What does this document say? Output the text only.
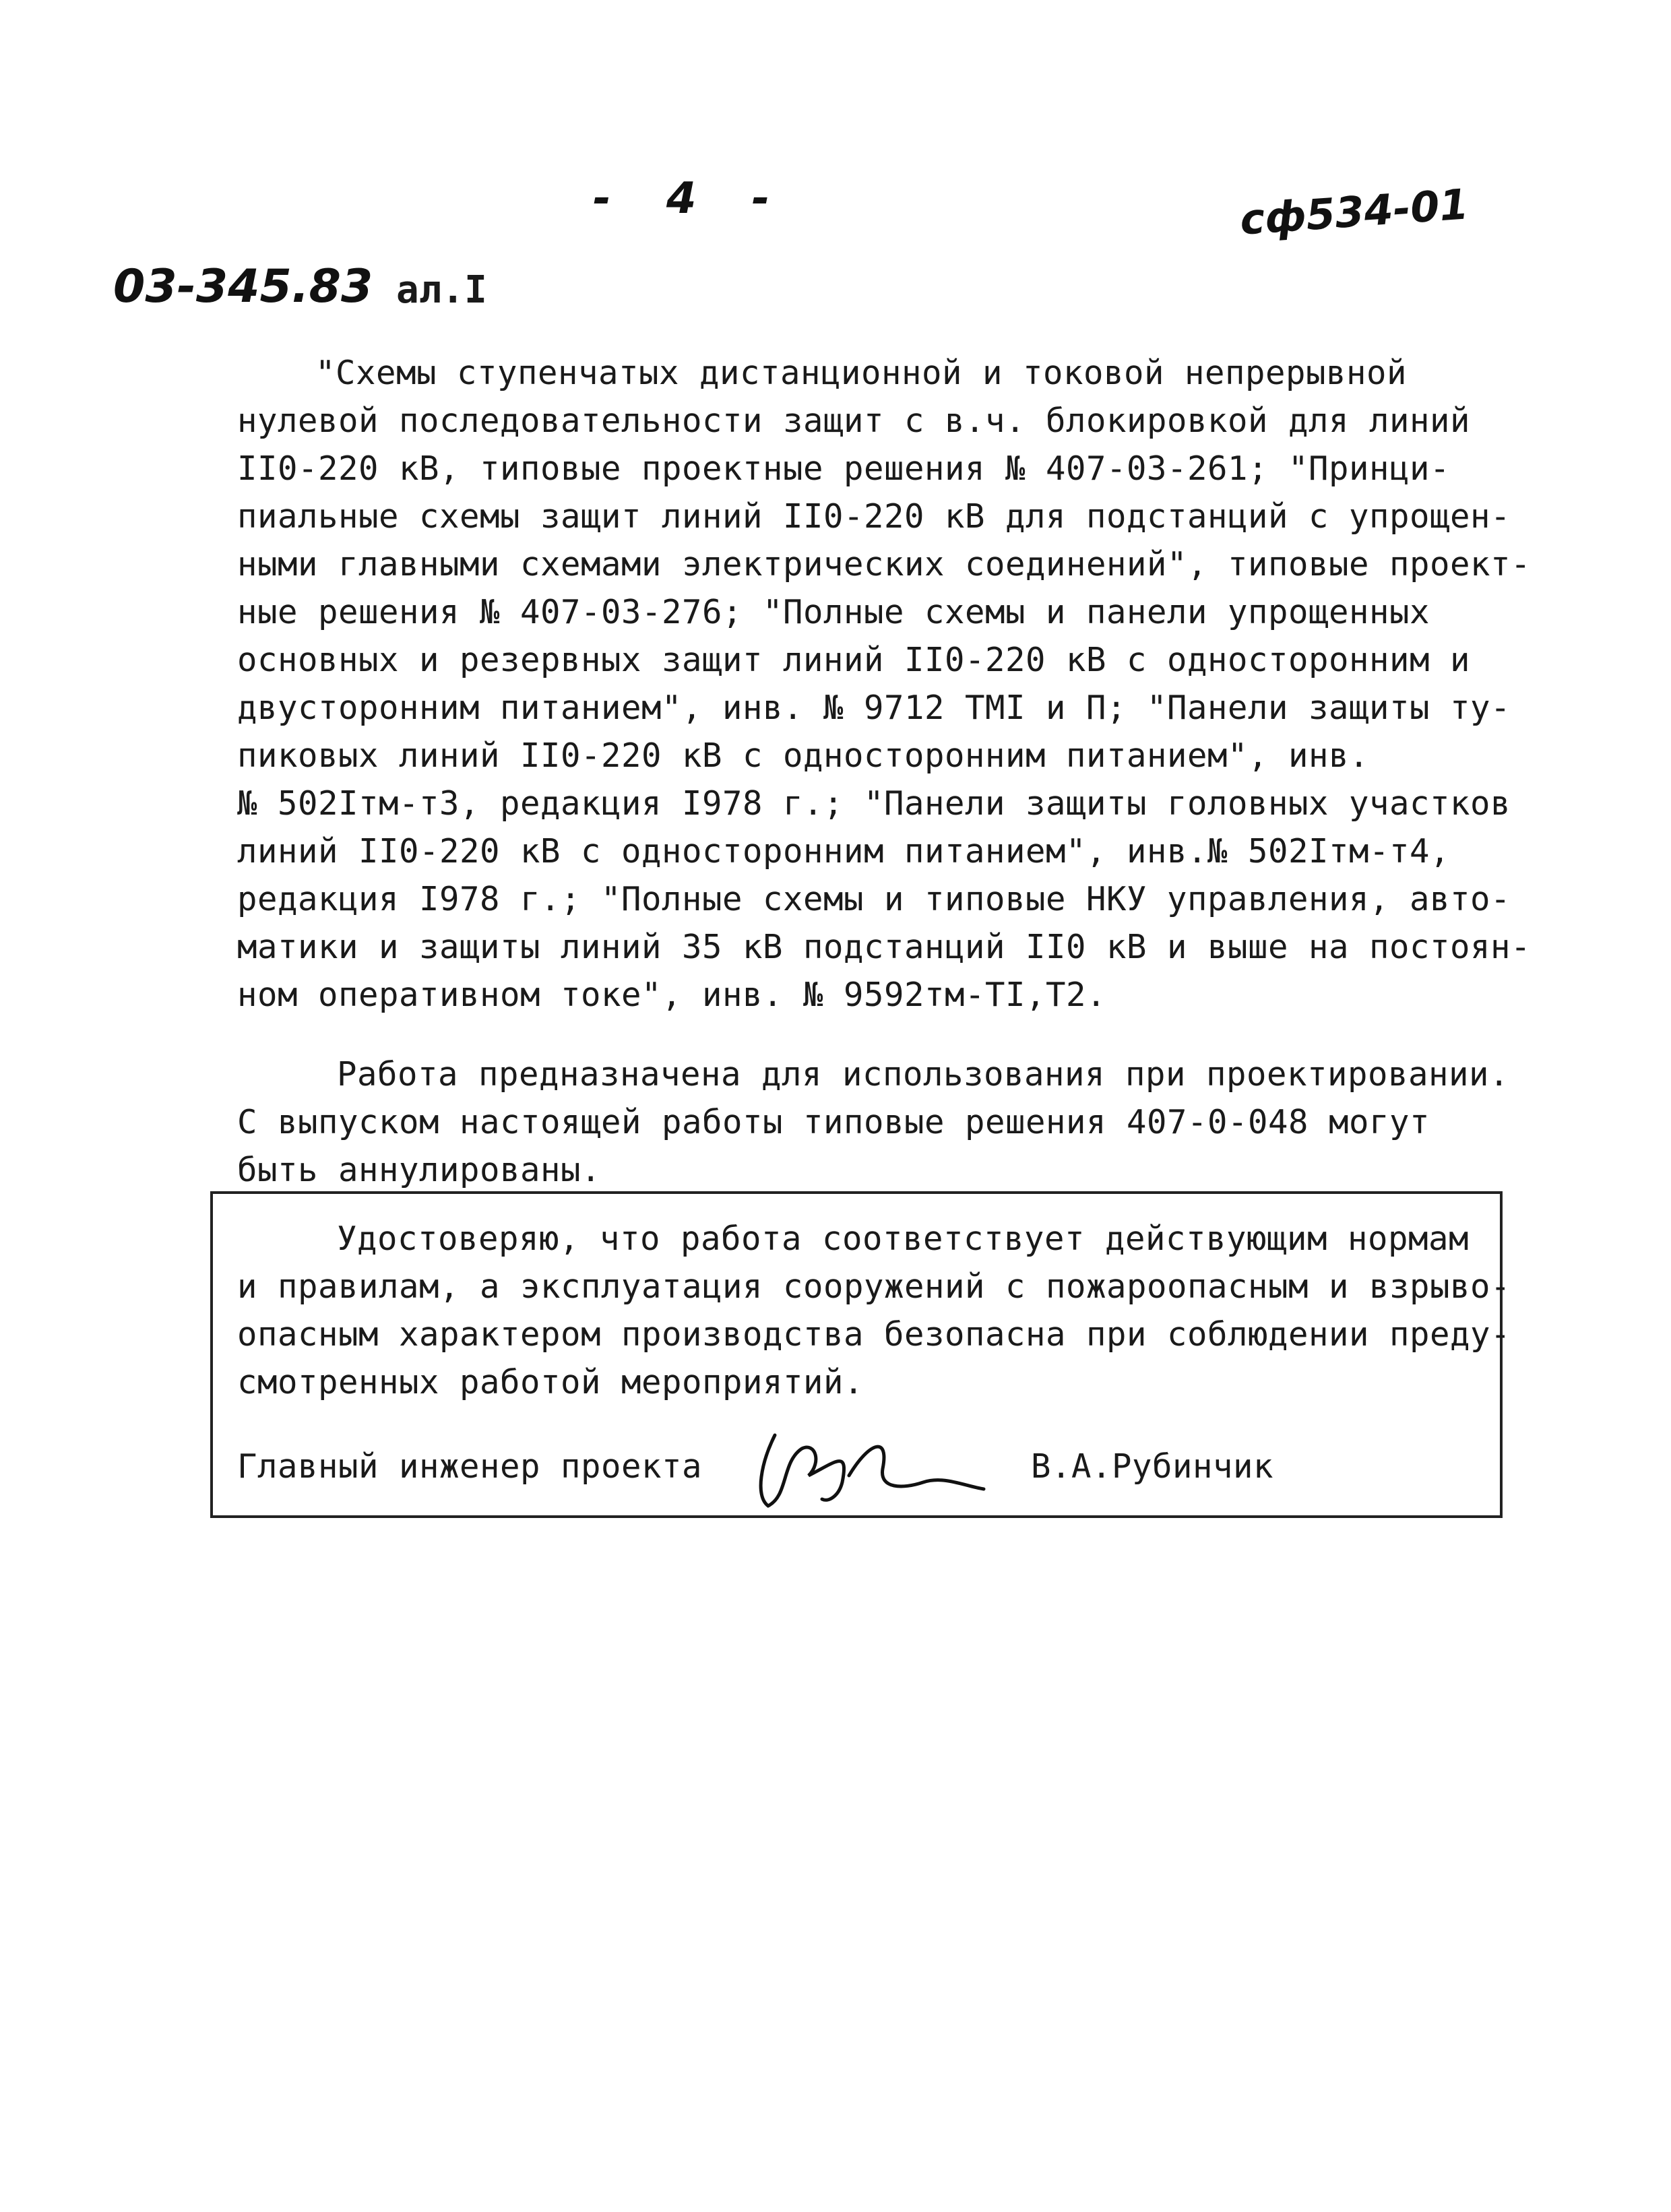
- 4 -	сф534-01
03-345.83 ал.I
"Схемы ступенчатых дистанционной и токовой непрерывной
нулевой последовательности защит с в.ч. блокировкой для линий
II0-220 кВ, типовые проектные решения № 407-03-261; "Принци-
пиальные схемы защит линий II0-220 кВ для подстанций с упрощен-
ными главными схемами электрических соединений", типовые проект-
ные решения № 407-03-276; "Полные схемы и панели упрощенных
основных и резервных защит линий II0-220 кВ с односторонним и
двусторонним питанием", инв. № 9712 ТМI и П; "Панели защиты ту-
пиковых линий II0-220 кВ с односторонним питанием", инв.
№ 502Iтм-т3, редакция I978 г.; "Панели защиты головных участков
линий II0-220 кВ с односторонним питанием", инв.№ 502Iтм-т4,
редакция I978 г.; "Полные схемы и типовые НКУ управления, авто-
матики и защиты линий 35 кВ подстанций II0 кВ и выше на постоян-
ном оперативном токе", инв. № 9592тм-ТI,Т2.
Работа предназначена для использования при проектировании.
С выпуском настоящей работы типовые решения 407-0-048 могут
быть аннулированы.
Удостоверяю, что работа соответствует действующим нормам
и правилам, а эксплуатация сооружений с пожароопасным и взрыво-
опасным характером производства безопасна при соблюдении преду-
смотренных работой мероприятий.
Главный инженер проекта	В.А.Рубинчик
